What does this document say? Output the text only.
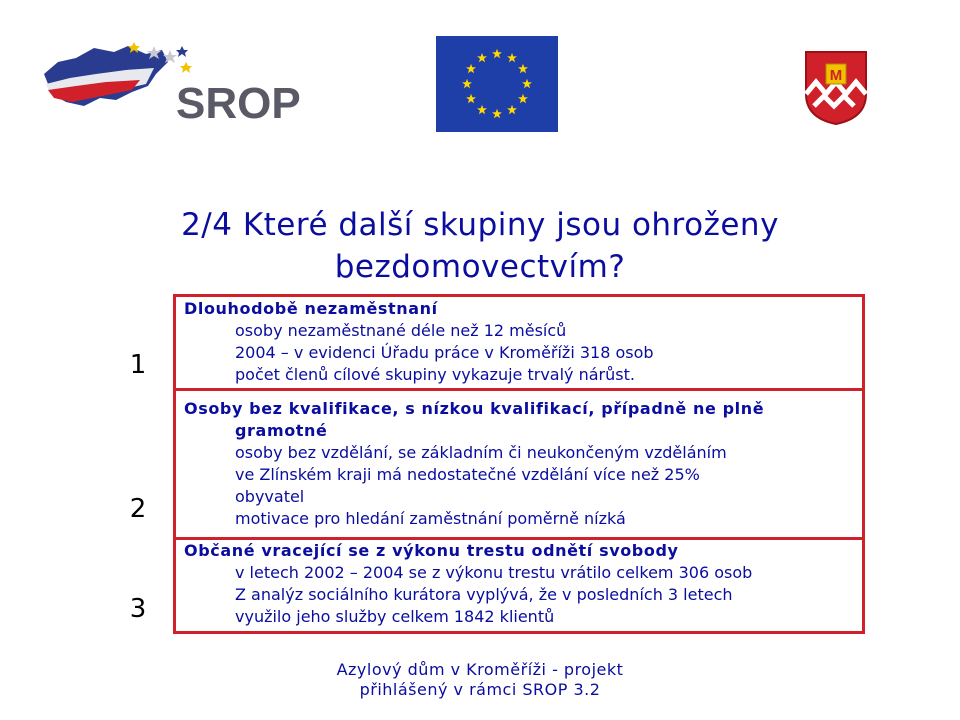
SROP
M
2/4 Které další skupiny jsou ohroženy
bezdomovectvím?
1
2
3
Dlouhodobě nezaměstnaní
osoby nezaměstnané déle než 12 měsíců
2004 – v evidenci Úřadu práce v Kroměříži 318 osob
počet členů cílové skupiny vykazuje trvalý nárůst.
Osoby bez kvalifikace, s nízkou kvalifikací, případně ne plně
gramotné
osoby bez vzdělání, se základním či neukončeným vzděláním
ve Zlínském kraji má nedostatečné vzdělání více než 25%
obyvatel
motivace pro hledání zaměstnání poměrně nízká
Občané vracející se z výkonu trestu odnětí svobody
v letech 2002 – 2004 se z výkonu trestu vrátilo celkem 306 osob
Z analýz sociálního kurátora vyplývá, že v posledních 3 letech
využilo jeho služby celkem 1842 klientů
Azylový dům v Kroměříži - projekt
přihlášený v rámci SROP 3.2
